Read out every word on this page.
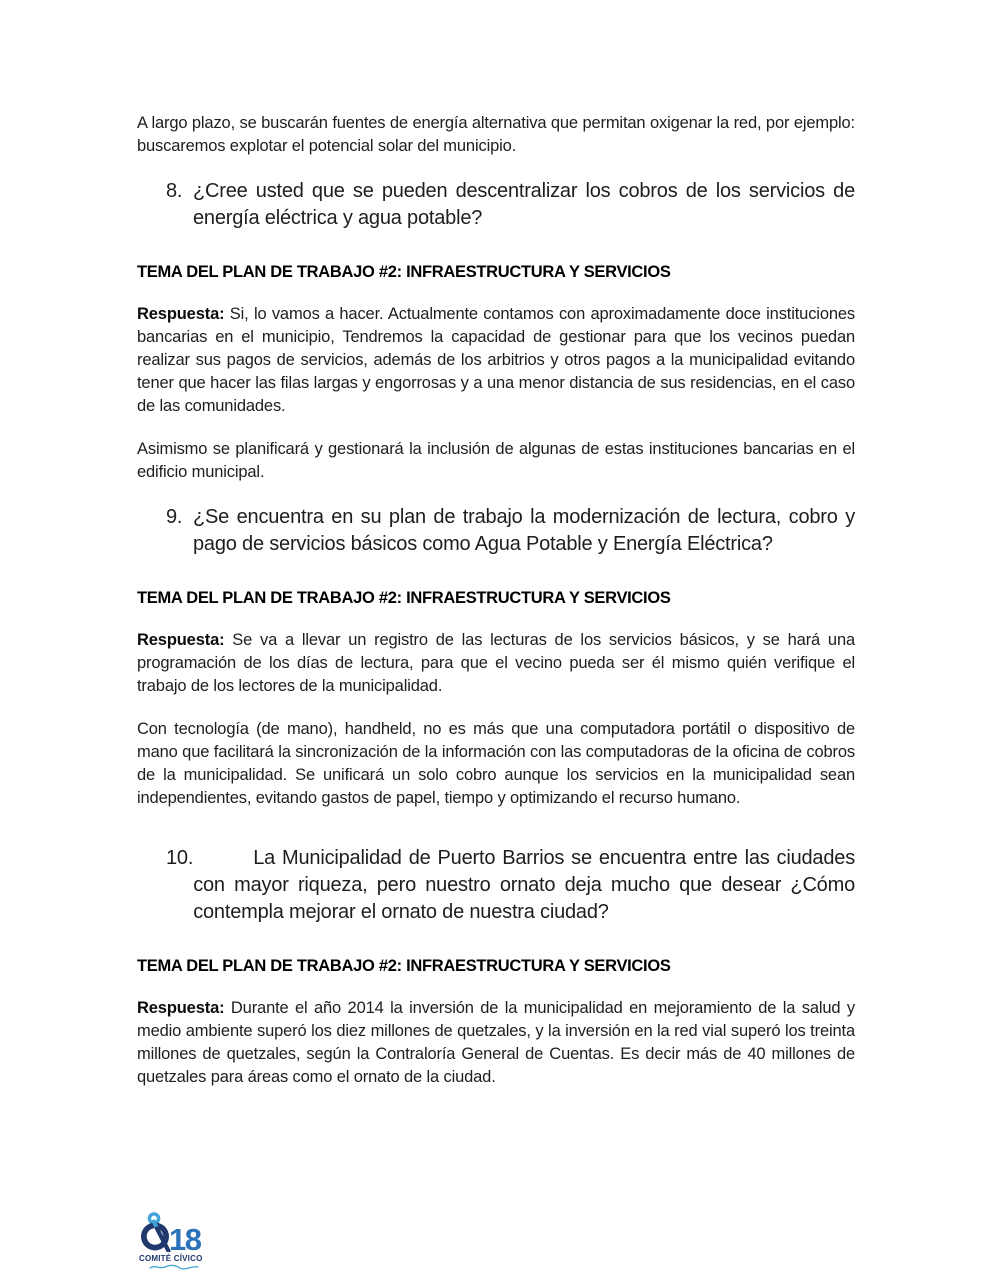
A largo plazo, se buscarán fuentes de energía alternativa que permitan oxigenar la red, por ejemplo: buscaremos explotar el potencial solar del municipio.

8. ¿Cree usted que se pueden descentralizar los cobros de los servicios de energía eléctrica y agua potable?
TEMA DEL PLAN DE TRABAJO #2: INFRAESTRUCTURA Y SERVICIOS

Respuesta: Si, lo vamos a hacer. Actualmente contamos con aproximadamente doce instituciones bancarias en el municipio, Tendremos la capacidad de gestionar para que los vecinos puedan realizar sus pagos de servicios, además de los arbitrios y otros pagos a la municipalidad evitando tener que hacer las filas largas y engorrosas y a una menor distancia de sus residencias, en el caso de las comunidades.

Asimismo se planificará y gestionará la inclusión de algunas de estas instituciones bancarias en el edificio municipal.

9. ¿Se encuentra en su plan de trabajo la modernización de lectura, cobro y pago de servicios básicos como Agua Potable y Energía Eléctrica?
TEMA DEL PLAN DE TRABAJO #2: INFRAESTRUCTURA Y SERVICIOS

Respuesta: Se va a llevar un registro de las lecturas de los servicios básicos, y se hará una programación de los días de lectura, para que el vecino pueda ser él mismo quién verifique el trabajo de los lectores de la municipalidad.

Con tecnología (de mano), handheld, no es más que una computadora portátil o dispositivo de mano que facilitará la sincronización de la información con las computadoras de la oficina de cobros de la municipalidad. Se unificará un solo cobro aunque los servicios en la municipalidad sean independientes, evitando gastos de papel, tiempo y optimizando el recurso humano.

10.	La Municipalidad de Puerto Barrios se encuentra entre las ciudades con mayor riqueza, pero nuestro ornato deja mucho que desear ¿Cómo contempla mejorar el ornato de nuestra ciudad?
TEMA DEL PLAN DE TRABAJO #2: INFRAESTRUCTURA Y SERVICIOS

Respuesta: Durante el año 2014 la inversión de la municipalidad en mejoramiento de la salud y medio ambiente superó los diez millones de quetzales, y la inversión en la red vial superó los treinta millones de quetzales, según la Contraloría General de Cuentas. Es decir más de 40 millones de quetzales para áreas como el ornato de la ciudad.

18
COMITÉ CÍVICO
